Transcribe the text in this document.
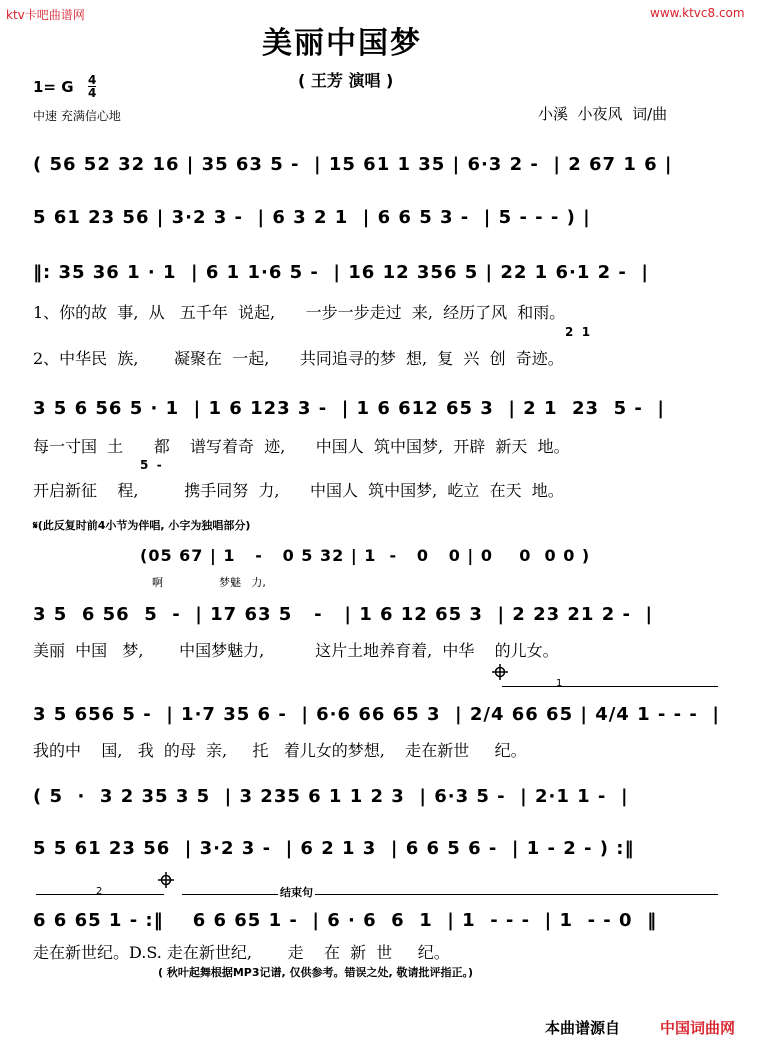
ktv卡吧曲谱网	www.ktvc8.com
美丽中国梦
( 王芳 演唱 )
1= G $\frac{4}{4}$
中速 充满信心地	小溪  小夜风  词/曲
( 56 52 32 16 | 35 63 5 -  | 15 61 1 35 | 6·3 2 -  | 2 67 1 6 |
5 61 23 56 | 3·2 3 -  | 6 3 2 1  | 6 6 5 3 -  | 5 - - - ) |
‖: 35 36 1 · 1  | 6 1 1·6 5 -  | 16 12 356 5 | 22 1 6·1 2 -  |
1、你的故  事,  从   五千年  说起,      一步一步走过  来,  经历了风  和雨。
2  1
2、中华民  族,       凝聚在  一起,      共同追寻的梦  想,  复  兴  创  奇迹。
3 5 6 56 5 · 1  | 1 6 123 3 -  | 1 6 612 65 3  | 2 1  23  5 -  |
每一寸国  土      都    谱写着奇  迹,      中国人  筑中国梦,  开辟  新天  地。
5  -
开启新征    程,         携手同努  力,      中国人  筑中国梦,  屹立  在天  地。
𝄋(此反复时前4小节为伴唱, 小字为独唱部分)
(05 67 | 1   -   0 5 32 | 1  -   0   0 | 0    0  0 0 )
啊                梦魅   力,
3 5  6 56  5  -  | 17 63 5   -   | 1 6 12 65 3  | 2 23 21 2 -  |
美丽  中国   梦,       中国梦魅力,          这片土地养育着,  中华    的儿女。
1
3 5 656 5 -  | 1·7 35 6 -  | 6·6 66 65 3  | 2/4 66 65 | 4/4 1 - - -  |
我的中    国,   我  的母  亲,     托   着儿女的梦想,    走在新世     纪。
( 5  ·  3 2 35 3 5  | 3 235 6 1 1 2 3  | 6·3 5 -  | 2·1 1 -  |
5 5 61 23 56  | 3·2 3 -  | 6 2 1 3  | 6 6 5 6 -  | 1 - 2 - ) :‖
2	结束句
6 6 65 1 - :‖    6 6 65 1 -  | 6 · 6  6  1  | 1  - - -  | 1  - - 0  ‖
走在新世纪。D.S. 走在新世纪,       走    在  新  世     纪。
( 秋叶起舞根据MP3记谱, 仅供参考。错误之处, 敬请批评指正。)
本曲谱源自	中国词曲网
